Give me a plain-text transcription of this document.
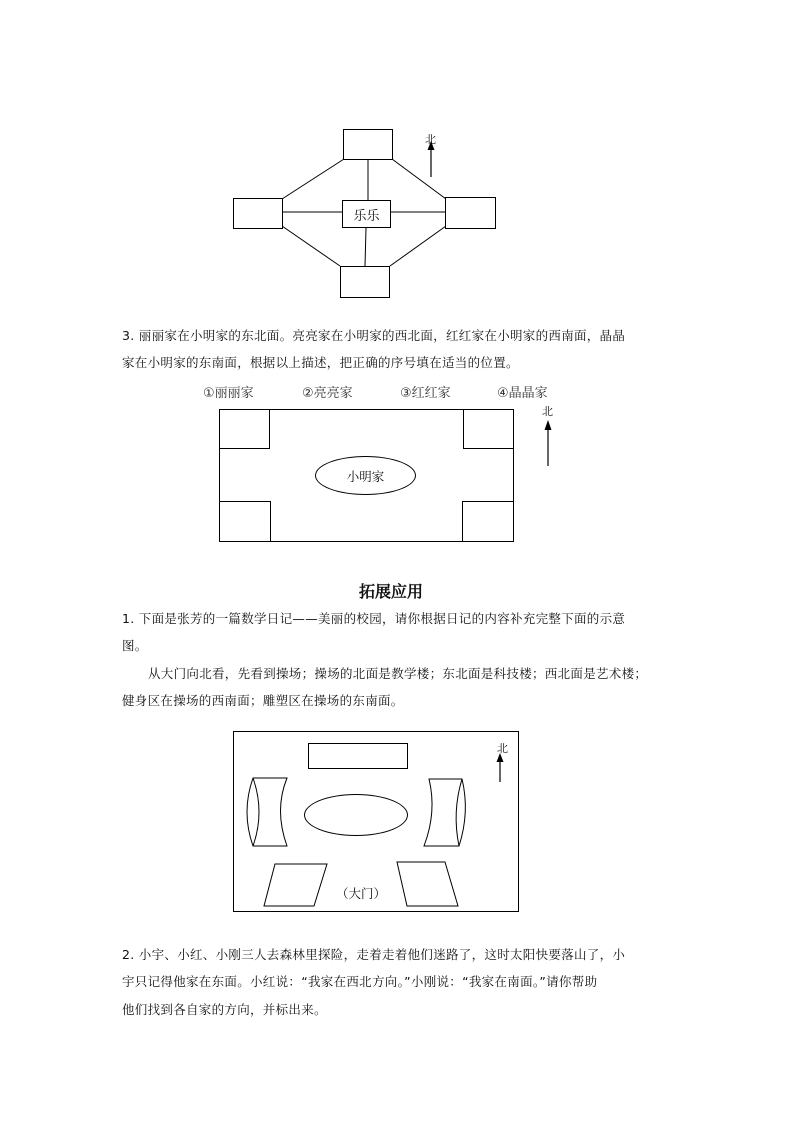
乐乐
北
3. 丽丽家在小明家的东北面。亮亮家在小明家的西北面，红红家在小明家的西南面，晶晶
家在小明家的东南面，根据以上描述，把正确的序号填在适当的位置。
①丽丽家	②亮亮家	③红红家	④晶晶家
小明家
北
拓展应用
1. 下面是张芳的一篇数学日记——美丽的校园，请你根据日记的内容补充完整下面的示意
图。
从大门向北看，先看到操场；操场的北面是教学楼；东北面是科技楼；西北面是艺术楼；
健身区在操场的西南面；雕塑区在操场的东南面。
北
（大门）
2. 小宇、小红、小刚三人去森林里探险，走着走着他们迷路了，这时太阳快要落山了，小
宇只记得他家在东面。小红说：“我家在西北方向。”小刚说：“我家在南面。”请你帮助
他们找到各自家的方向，并标出来。
